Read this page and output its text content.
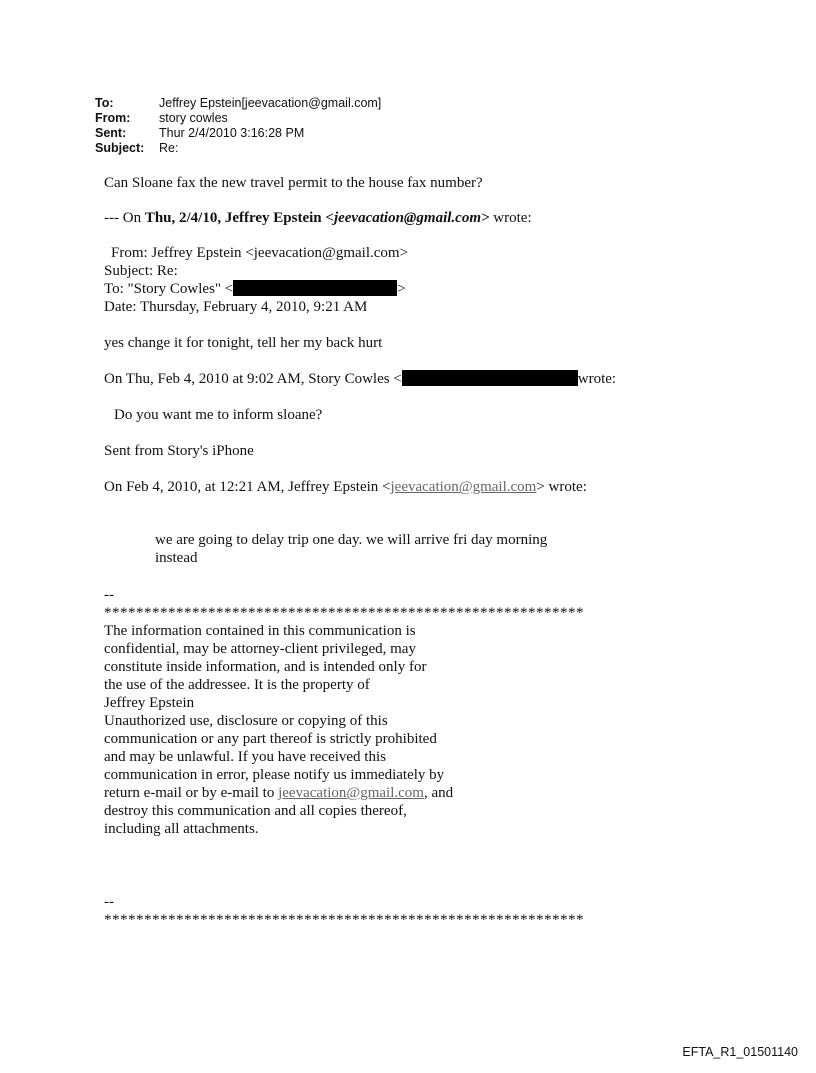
To:	Jeffrey Epstein[jeevacation@gmail.com]
From:	story cowles
Sent:	Thur 2/4/2010 3:16:28 PM
Subject:	Re:

Can Sloane fax the new travel permit to the house fax number?

--- On Thu, 2/4/10, Jeffrey Epstein <jeevacation@gmail.com> wrote:

From: Jeffrey Epstein <jeevacation@gmail.com>

Subject: Re:

To: "Story Cowles" <	>

Date: Thursday, February 4, 2010, 9:21 AM

yes change it for tonight, tell her my back hurt

On Thu, Feb 4, 2010 at 9:02 AM, Story Cowles <	wrote:

Do you want me to inform sloane?

Sent from Story's iPhone

On Feb 4, 2010, at 12:21 AM, Jeffrey Epstein <jeevacation@gmail.com> wrote:

we are going to delay trip one day. we will arrive fri day morning

instead

--

************************************************************

The information contained in this communication is

confidential, may be attorney-client privileged, may

constitute inside information, and is intended only for

the use of the addressee. It is the property of

Jeffrey Epstein

Unauthorized use, disclosure or copying of this

communication or any part thereof is strictly prohibited

and may be unlawful. If you have received this

communication in error, please notify us immediately by

return e-mail or by e-mail to jeevacation@gmail.com, and

destroy this communication and all copies thereof,

including all attachments.

--

************************************************************

EFTA_R1_01501140
